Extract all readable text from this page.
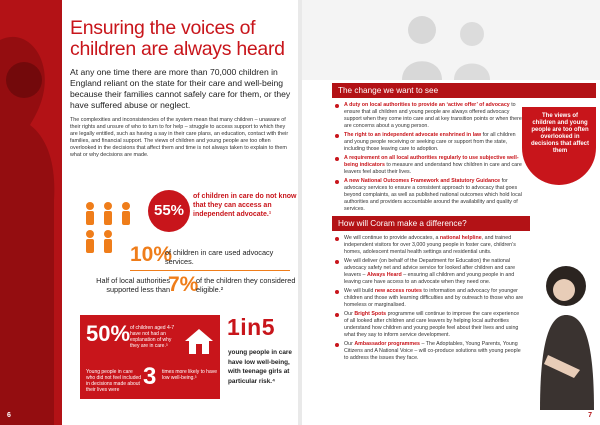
6
Ensuring the voices of children are always heard

At any one time there are more than 70,000 children in England reliant on the state for their care and well-being because their families cannot safely care for them, or they have suffered abuse or neglect.

The complexities and inconsistencies of the system mean that many children – unaware of their rights and unsure of who to turn to for help – struggle to access support to which they are legally entitled, such as having a say in their care plans, an education, contact with their families, and financial support. The views of children and young people are too often overlooked in the decisions that affect them and time is not always taken to explain to them what or why decisions are made.

55%
of children in care do not know that they can access an independent advocate.¹
10%
of children in care used advocacy services.
Half of local authorities supported less than
7%
of the children they considered eligible.²
50% of children aged 4-7 have not had an explanation of why they are in care.³
Young people in care who did not feel included in decisions made about their lives were 3 times more likely to have low well-being.³
1in5
young people in care have low well-being, with teenage girls at particular risk.⁴
The change we want to see
A duty on local authorities to provide an ‘active offer’ of advocacy to ensure that all children and young people are always offered advocacy support when they come into care and at key transition points or when there are concerns about a young person.
The right to an independent advocate enshrined in law for all children and young people receiving or seeking care or support from the state, including those leaving care to adoption.
A requirement on all local authorities regularly to use subjective well-being indicators to measure and understand how children in care and care leavers feel about their lives.
A new National Outcomes Framework and Statutory Guidance for advocacy services to ensure a consistent approach to advocacy that goes beyond complaints, as well as published national outcomes which hold local authorities and providers accountable around the availability and quality of services.
The views of children and young people are too often overlooked in decisions that affect them
How will Coram make a difference?
We will continue to provide advocates, a national helpline, and trained independent visitors for over 3,000 young people in foster care, children’s homes, adolescent mental health settings and residential units.
We will deliver (on behalf of the Department for Education) the national advocacy safety net and advice service for looked after children and care leavers – Always Heard – ensuring all children and young people in and leaving care have access to an advocate when they need one.
We will build new access routes to information and advocacy for younger children and those with learning difficulties and by outreach to those who are homeless or marginalised.
Our Bright Spots programme will continue to improve the care experience of all looked after children and care leavers by helping local authorities understand how children and young people feel about their lives and using what they say to inform service development.
Our Ambassador programmes – The Adoptables, Young Parents, Young Citizens and A National Voice – will co-produce solutions with young people to address the issues they face.
7
